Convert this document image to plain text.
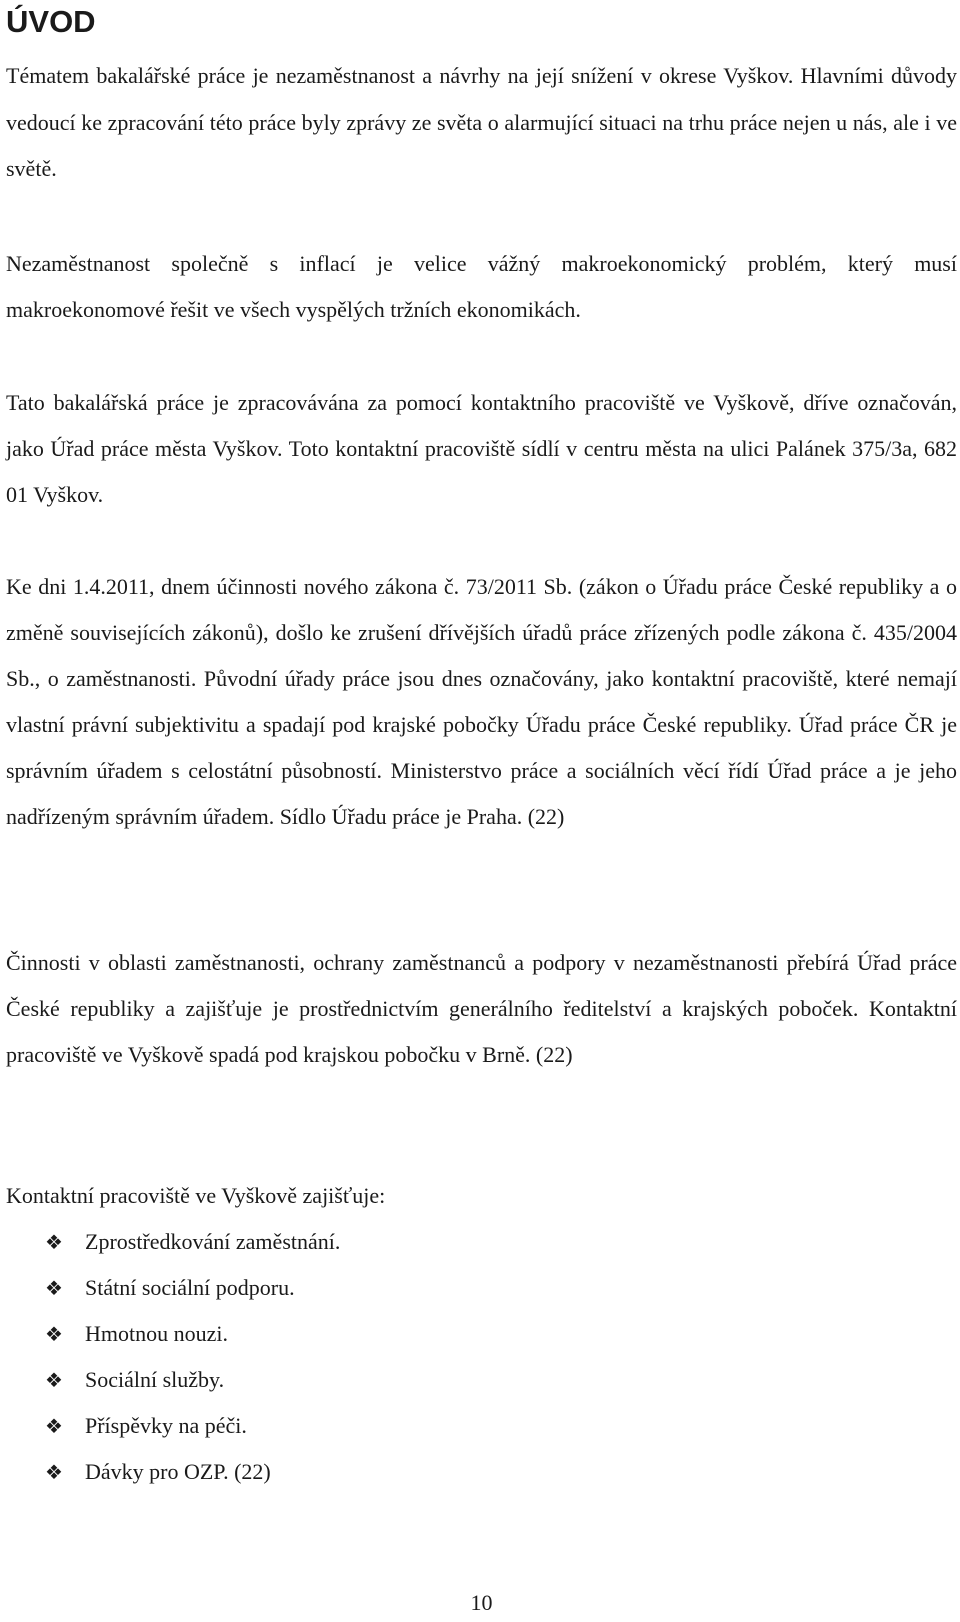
ÚVOD

Tématem bakalářské práce je nezaměstnanost a návrhy na její snížení v okrese Vyškov. Hlavními důvody vedoucí ke zpracování této práce byly zprávy ze světa o alarmující situaci na trhu práce nejen u nás, ale i ve světě.

Nezaměstnanost společně s inflací je velice vážný makroekonomický problém, který musí makroekonomové řešit ve všech vyspělých tržních ekonomikách.

Tato bakalářská práce je zpracovávána za pomocí kontaktního pracoviště ve Vyškově, dříve označován, jako Úřad práce města Vyškov. Toto kontaktní pracoviště sídlí v centru města na ulici Palánek 375/3a, 682 01 Vyškov.

Ke dni 1.4.2011, dnem účinnosti nového zákona č. 73/2011 Sb. (zákon o Úřadu práce České republiky a o změně souvisejících zákonů), došlo ke zrušení dřívějších úřadů práce zřízených podle zákona č. 435/2004 Sb., o zaměstnanosti. Původní úřady práce jsou dnes označovány, jako kontaktní pracoviště, které nemají vlastní právní subjektivitu a spadají pod krajské pobočky Úřadu práce České republiky. Úřad práce ČR je správním úřadem s celostátní působností. Ministerstvo práce a sociálních věcí řídí Úřad práce a je jeho nadřízeným správním úřadem. Sídlo Úřadu práce je Praha. (22)

Činnosti v oblasti zaměstnanosti, ochrany zaměstnanců a podpory v nezaměstnanosti přebírá Úřad práce České republiky a zajišťuje je prostřednictvím generálního ředitelství a krajských poboček. Kontaktní pracoviště ve Vyškově spadá pod krajskou pobočku v Brně. (22)

Kontaktní pracoviště ve Vyškově zajišťuje:

❖ Zprostředkování zaměstnání.
❖ Státní sociální podporu.
❖ Hmotnou nouzi.
❖ Sociální služby.
❖ Příspěvky na péči.
❖ Dávky pro OZP. (22)
10
